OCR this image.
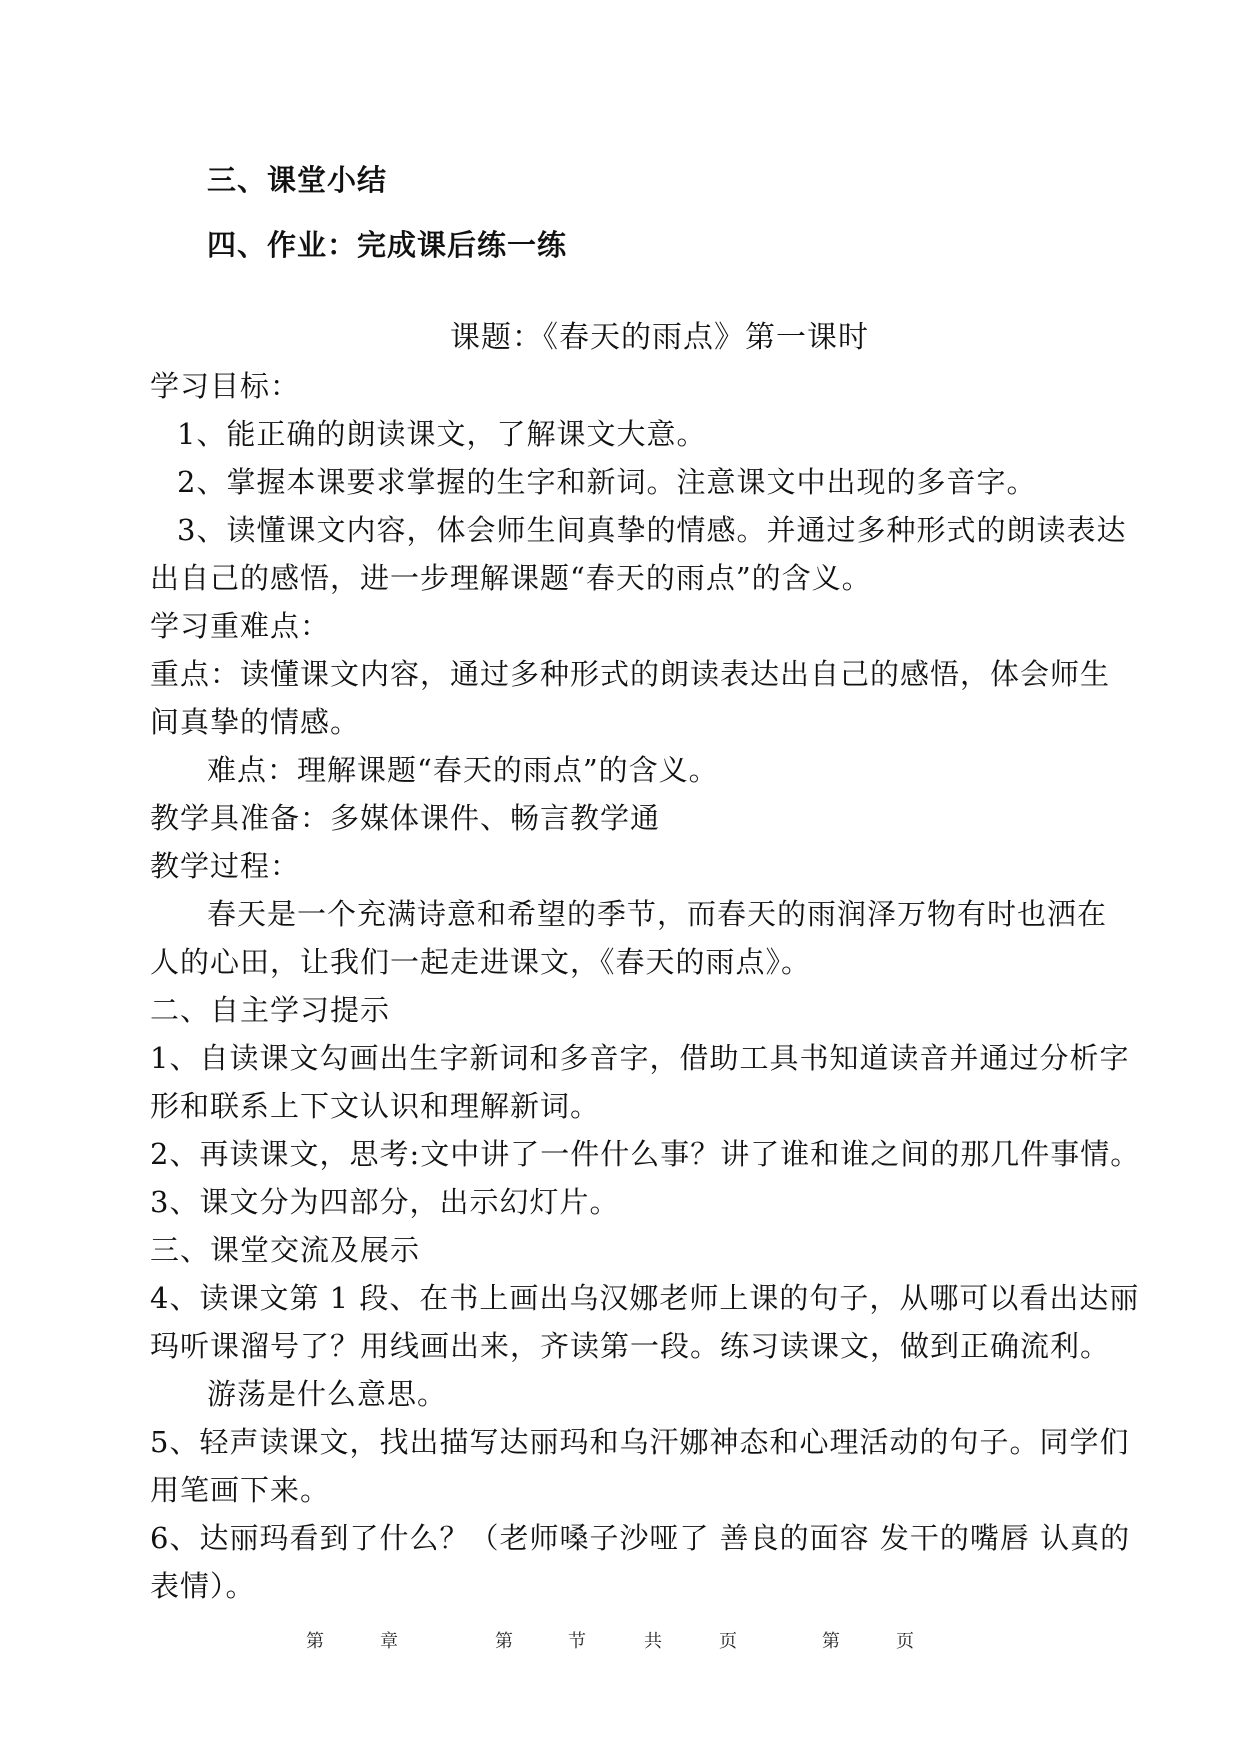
三、课堂小结
四、作业：完成课后练一练
课题：《春天的雨点》第一课时
学习目标：
1、能正确的朗读课文，了解课文大意。
2、掌握本课要求掌握的生字和新词。注意课文中出现的多音字。
3、读懂课文内容，体会师生间真挚的情感。并通过多种形式的朗读表达
出自己的感悟，进一步理解课题“春天的雨点”的含义。
学习重难点：
重点：读懂课文内容，通过多种形式的朗读表达出自己的感悟，体会师生
间真挚的情感。
难点：理解课题“春天的雨点”的含义。
教学具准备：多媒体课件、畅言教学通
教学过程：
春天是一个充满诗意和希望的季节，而春天的雨润泽万物有时也洒在
人的心田，让我们一起走进课文，《春天的雨点》。
二、自主学习提示
1、自读课文勾画出生字新词和多音字，借助工具书知道读音并通过分析字
形和联系上下文认识和理解新词。
2、再读课文，思考:文中讲了一件什么事？讲了谁和谁之间的那几件事情。
3、课文分为四部分，出示幻灯片。
三、课堂交流及展示
4、读课文第 1 段、在书上画出乌汉娜老师上课的句子，从哪可以看出达丽
玛听课溜号了？用线画出来，齐读第一段。练习读课文，做到正确流利。
游荡是什么意思。
5、轻声读课文，找出描写达丽玛和乌汗娜神态和心理活动的句子。同学们
用笔画下来。
6、达丽玛看到了什么？（老师嗓子沙哑了 善良的面容 发干的嘴唇 认真的
表情）。
第	章	第	节	共	页	第	页
